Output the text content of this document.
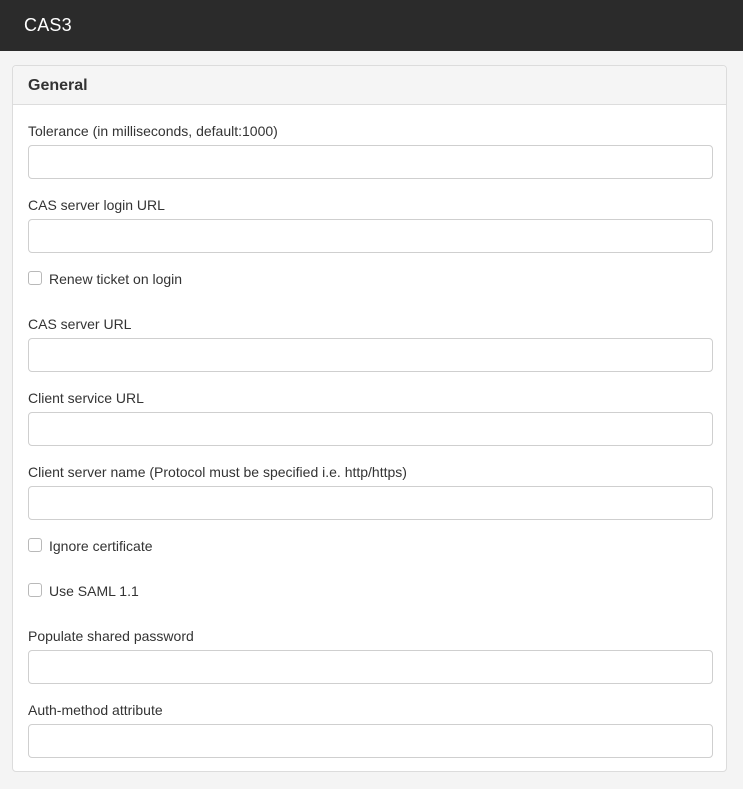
CAS3
General
Tolerance (in milliseconds, default:1000)
CAS server login URL
Renew ticket on login
CAS server URL
Client service URL
Client server name (Protocol must be specified i.e. http/https)
Ignore certificate
Use SAML 1.1
Populate shared password
Auth-method attribute
